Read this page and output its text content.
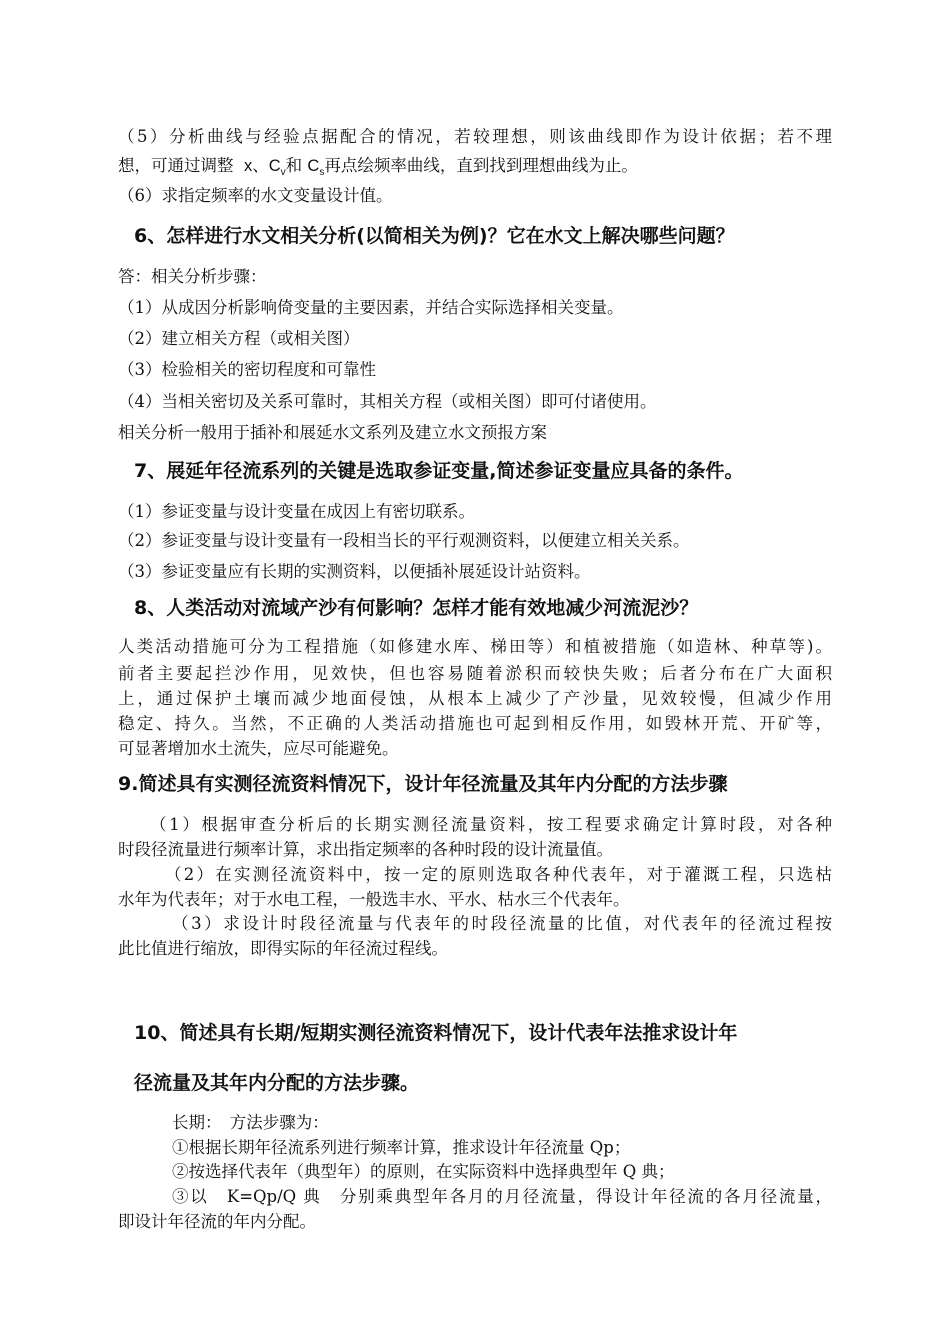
（5）分析曲线与经验点据配合的情况，若较理想，则该曲线即作为设计依据；若不理
想，可通过调整 x、$C_v$和 $C_s$再点绘频率曲线，直到找到理想曲线为止。
（6）求指定频率的水文变量设计值。
6、怎样进行水文相关分析(以简相关为例)？它在水文上解决哪些问题？
答：相关分析步骤：
（1）从成因分析影响倚变量的主要因素，并结合实际选择相关变量。
（2）建立相关方程（或相关图）
（3）检验相关的密切程度和可靠性
（4）当相关密切及关系可靠时，其相关方程（或相关图）即可付诸使用。
相关分析一般用于插补和展延水文系列及建立水文预报方案
7、展延年径流系列的关键是选取参证变量,简述参证变量应具备的条件。
（1）参证变量与设计变量在成因上有密切联系。
（2）参证变量与设计变量有一段相当长的平行观测资料，以便建立相关关系。
（3）参证变量应有长期的实测资料，以便插补展延设计站资料。
8、人类活动对流域产沙有何影响？怎样才能有效地减少河流泥沙？
人类活动措施可分为工程措施（如修建水库、梯田等）和植被措施（如造林、种草等)。
前者主要起拦沙作用，见效快，但也容易随着淤积而较快失败；后者分布在广大面积
上，通过保护土壤而减少地面侵蚀，从根本上减少了产沙量，见效较慢，但减少作用
稳定、持久。当然，不正确的人类活动措施也可起到相反作用，如毁林开荒、开矿等，
可显著增加水土流失，应尽可能避免。
9.简述具有实测径流资料情况下，设计年径流量及其年内分配的方法步骤
（1）根据审查分析后的长期实测径流量资料，按工程要求确定计算时段，对各种
时段径流量进行频率计算，求出指定频率的各种时段的设计流量值。
（2）在实测径流资料中，按一定的原则选取各种代表年，对于灌溉工程，只选枯
水年为代表年；对于水电工程，一般选丰水、平水、枯水三个代表年。
（3）求设计时段径流量与代表年的时段径流量的比值，对代表年的径流过程按
此比值进行缩放，即得实际的年径流过程线。
10、简述具有长期/短期实测径流资料情况下，设计代表年法推求设计年
径流量及其年内分配的方法步骤。
长期：　方法步骤为：
①根据长期年径流系列进行频率计算，推求设计年径流量 Qp；
②按选择代表年（典型年）的原则，在实际资料中选择典型年 Q 典；
③以　K=Qp/Q 典　分别乘典型年各月的月径流量，得设计年径流的各月径流量，
即设计年径流的年内分配。
